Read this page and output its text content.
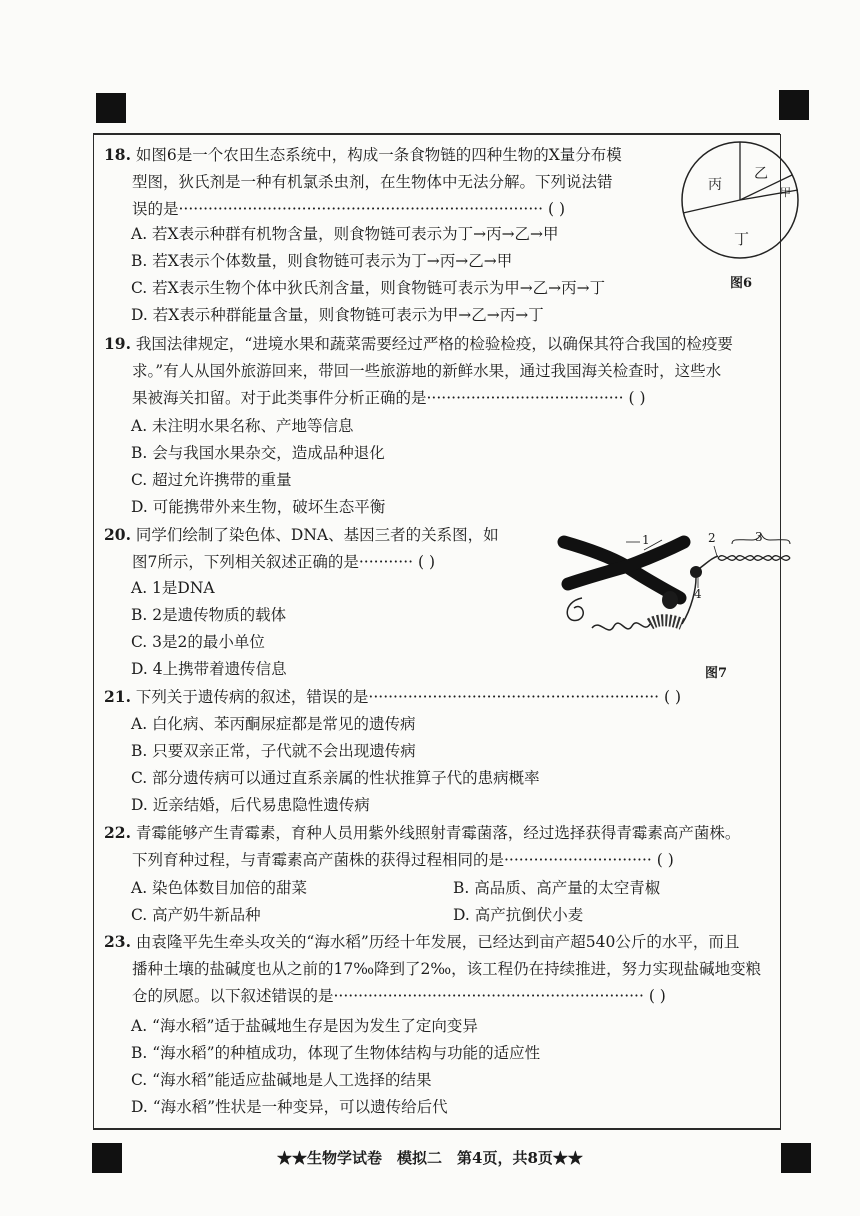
18. 如图6是一个农田生态系统中，构成一条食物链的四种生物的X量分布模
型图，狄氏剂是一种有机氯杀虫剂，在生物体中无法分解。下列说法错
误的是·········································································· ( )
A. 若X表示种群有机物含量，则食物链可表示为丁→丙→乙→甲
B. 若X表示个体数量，则食物链可表示为丁→丙→乙→甲
C. 若X表示生物个体中狄氏剂含量，则食物链可表示为甲→乙→丙→丁
D. 若X表示种群能量含量，则食物链可表示为甲→乙→丙→丁
丙
乙
甲
丁
图6
19. 我国法律规定，“进境水果和蔬菜需要经过严格的检验检疫，以确保其符合我国的检疫要
求。”有人从国外旅游回来，带回一些旅游地的新鲜水果，通过我国海关检查时，这些水
果被海关扣留。对于此类事件分析正确的是········································ ( )
A. 未注明水果名称、产地等信息
B. 会与我国水果杂交，造成品种退化
C. 超过允许携带的重量
D. 可能携带外来生物，破坏生态平衡
20. 同学们绘制了染色体、DNA、基因三者的关系图，如
图7所示，下列相关叙述正确的是··········· ( )
A. 1是DNA
B. 2是遗传物质的载体
C. 3是2的最小单位
D. 4上携带着遗传信息
1	2	3
4
图7
21. 下列关于遗传病的叙述，错误的是··························································· ( )
A. 白化病、苯丙酮尿症都是常见的遗传病
B. 只要双亲正常，子代就不会出现遗传病
C. 部分遗传病可以通过直系亲属的性状推算子代的患病概率
D. 近亲结婚，后代易患隐性遗传病
22. 青霉能够产生青霉素，育种人员用紫外线照射青霉菌落，经过选择获得青霉素高产菌株。
下列育种过程，与青霉素高产菌株的获得过程相同的是······························ ( )
A. 染色体数目加倍的甜菜	B. 高品质、高产量的太空青椒
C. 高产奶牛新品种	D. 高产抗倒伏小麦
23. 由袁隆平先生牵头攻关的“海水稻”历经十年发展，已经达到亩产超540公斤的水平，而且
播种土壤的盐碱度也从之前的17‰降到了2‰，该工程仍在持续推进，努力实现盐碱地变粮
仓的夙愿。以下叙述错误的是······························································· ( )
A. “海水稻”适于盐碱地生存是因为发生了定向变异
B. “海水稻”的种植成功，体现了生物体结构与功能的适应性
C. “海水稻”能适应盐碱地是人工选择的结果
D. “海水稻”性状是一种变异，可以遗传给后代
★★生物学试卷　模拟二　第4页，共8页★★
